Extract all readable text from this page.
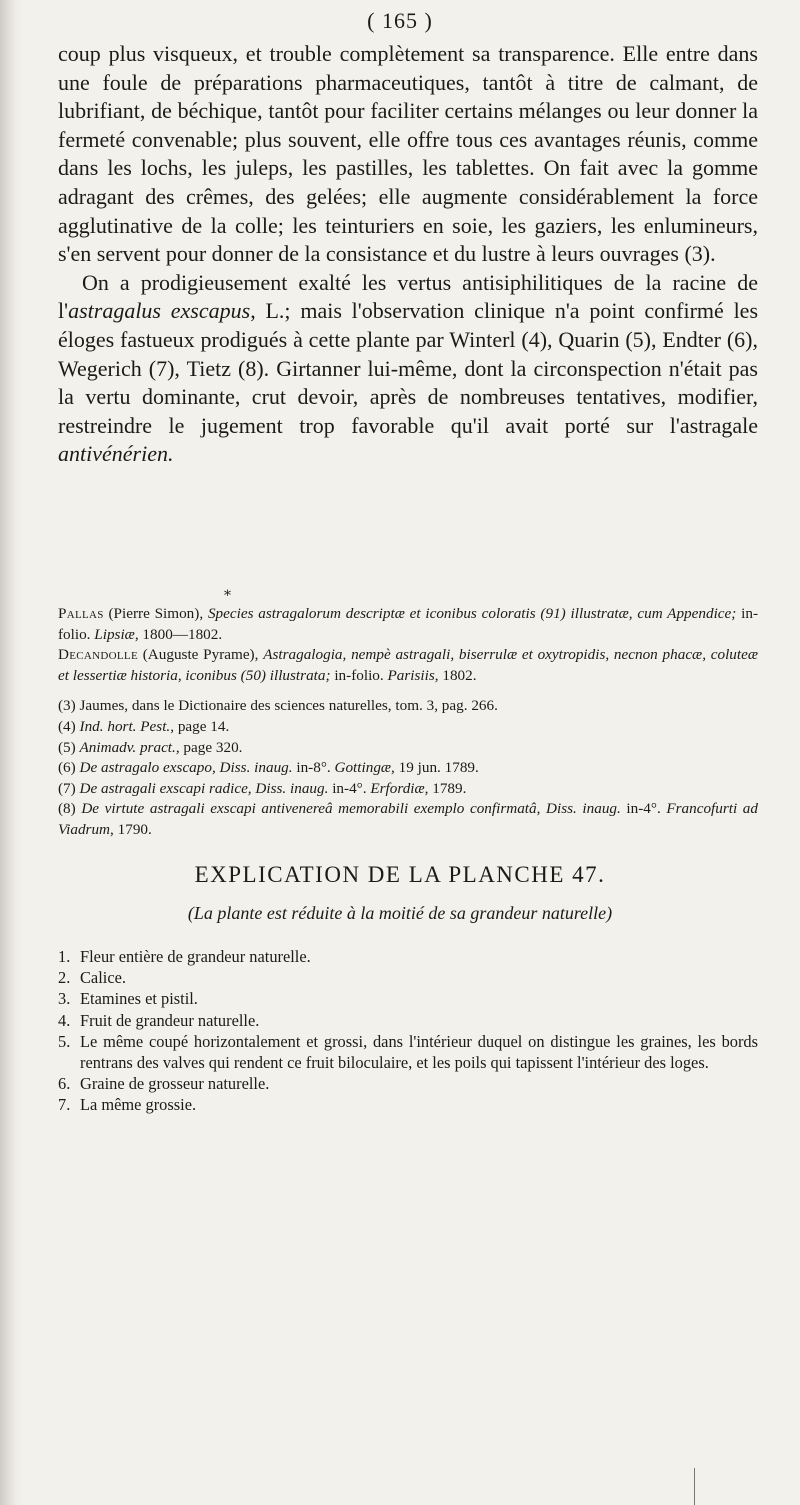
( 165 )

coup plus visqueux, et trouble complètement sa transparence. Elle entre dans une foule de préparations pharmaceutiques, tantôt à titre de calmant, de lubrifiant, de béchique, tantôt pour faciliter certains mélanges ou leur donner la fermeté convenable; plus souvent, elle offre tous ces avantages réunis, comme dans les lochs, les juleps, les pastilles, les tablettes. On fait avec la gomme adragant des crêmes, des gelées; elle augmente considérablement la force agglutinative de la colle; les teinturiers en soie, les gaziers, les enlumineurs, s'en servent pour donner de la consistance et du lustre à leurs ouvrages (3).

On a prodigieusement exalté les vertus antisiphilitiques de la racine de l'astragalus exscapus, L.; mais l'observation clinique n'a point confirmé les éloges fastueux prodigués à cette plante par Winterl (4), Quarin (5), Endter (6), Wegerich (7), Tietz (8). Girtanner lui-même, dont la circonspection n'était pas la vertu dominante, crut devoir, après de nombreuses tentatives, modifier, restreindre le jugement trop favorable qu'il avait porté sur l'astragale antivénérien.

*

Pallas (Pierre Simon), Species astragalorum descriptæ et iconibus coloratis (91) illustratæ, cum Appendice; in-folio. Lipsiæ, 1800—1802.

Decandolle (Auguste Pyrame), Astragalogia, nempè astragali, biserrulæ et oxytropidis, necnon phacæ, coluteæ et lessertiæ historia, iconibus (50) illustrata; in-folio. Parisiis, 1802.

(3) Jaumes, dans le Dictionaire des sciences naturelles, tom. 3, pag. 266.

(4) Ind. hort. Pest., page 14.

(5) Animadv. pract., page 320.

(6) De astragalo exscapo, Diss. inaug. in-8°. Gottingæ, 19 jun. 1789.

(7) De astragali exscapi radice, Diss. inaug. in-4°. Erfordiæ, 1789.

(8) De virtute astragali exscapi antivenereâ memorabili exemplo confirmatâ, Diss. inaug. in-4°. Francofurti ad Viadrum, 1790.

EXPLICATION DE LA PLANCHE 47.
(La plante est réduite à la moitié de sa grandeur naturelle)
1. Fleur entière de grandeur naturelle.
2. Calice.
3. Etamines et pistil.
4. Fruit de grandeur naturelle.
5. Le même coupé horizontalement et grossi, dans l'intérieur duquel on distingue les graines, les bords rentrans des valves qui rendent ce fruit biloculaire, et les poils qui tapissent l'intérieur des loges.
6. Graine de grosseur naturelle.
7. La même grossie.
